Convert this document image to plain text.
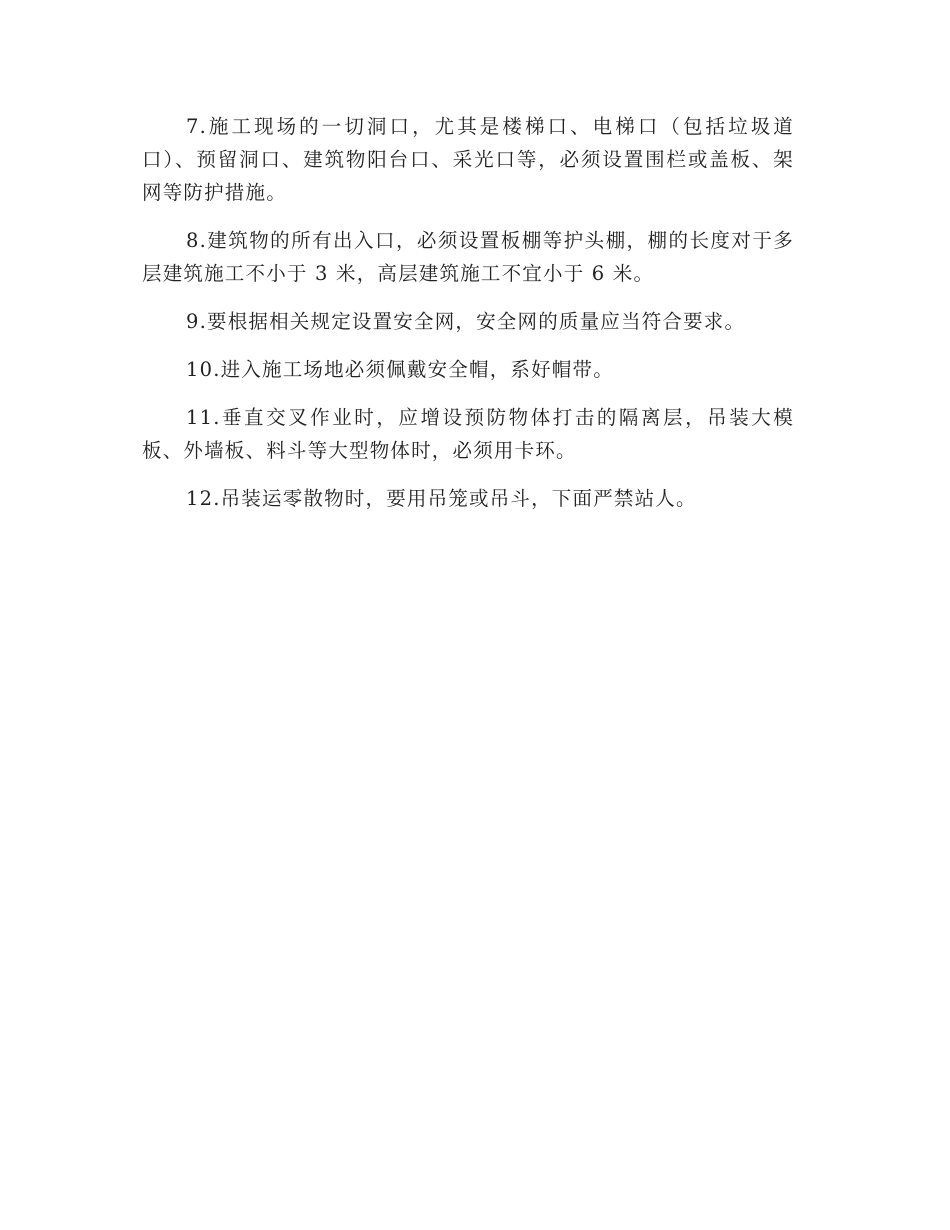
7.施工现场的一切洞口，尤其是楼梯口、电梯口（包括垃圾道口）、预留洞口、建筑物阳台口、采光口等，必须设置围栏或盖板、架网等防护措施。

8.建筑物的所有出入口，必须设置板棚等护头棚，棚的长度对于多层建筑施工不小于 3 米，高层建筑施工不宜小于 6 米。

9.要根据相关规定设置安全网，安全网的质量应当符合要求。

10.进入施工场地必须佩戴安全帽，系好帽带。

11.垂直交叉作业时，应增设预防物体打击的隔离层，吊装大模板、外墙板、料斗等大型物体时，必须用卡环。

12.吊装运零散物时，要用吊笼或吊斗，下面严禁站人。
